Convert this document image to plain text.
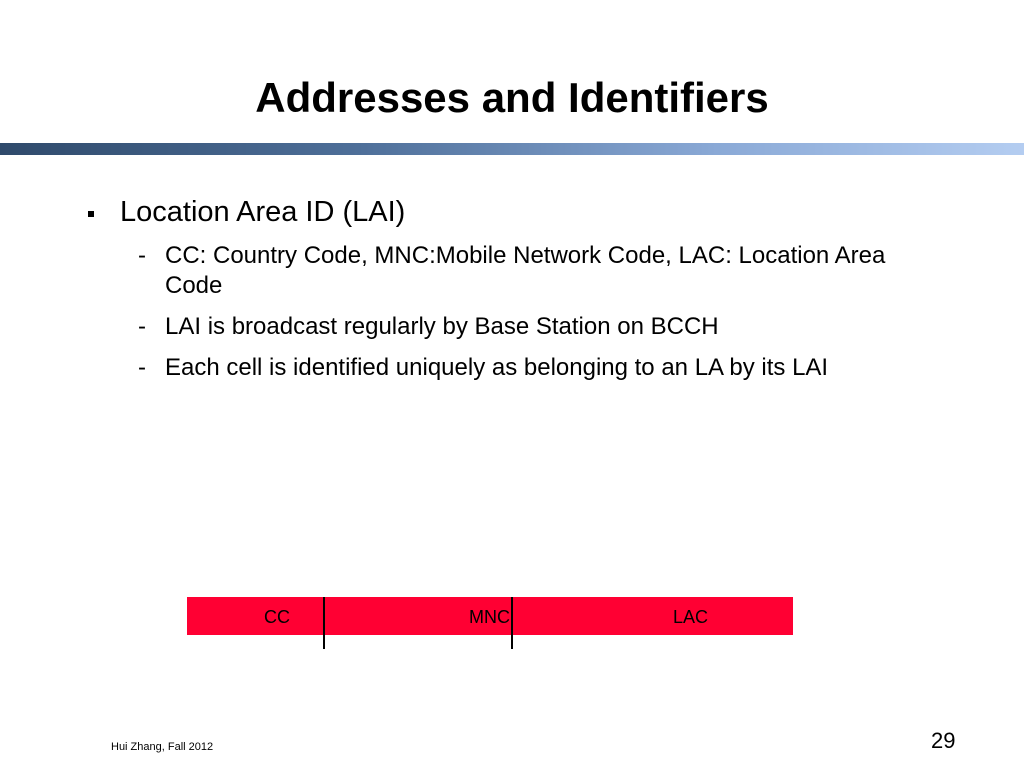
Addresses and Identifiers
Location Area ID (LAI)
- CC: Country Code, MNC:Mobile Network Code, LAC: Location Area Code
- LAI is broadcast regularly by Base Station on BCCH
- Each cell is identified uniquely as belonging to an LA by its LAI
CC	MNC	LAC
Hui Zhang, Fall 2012	29
